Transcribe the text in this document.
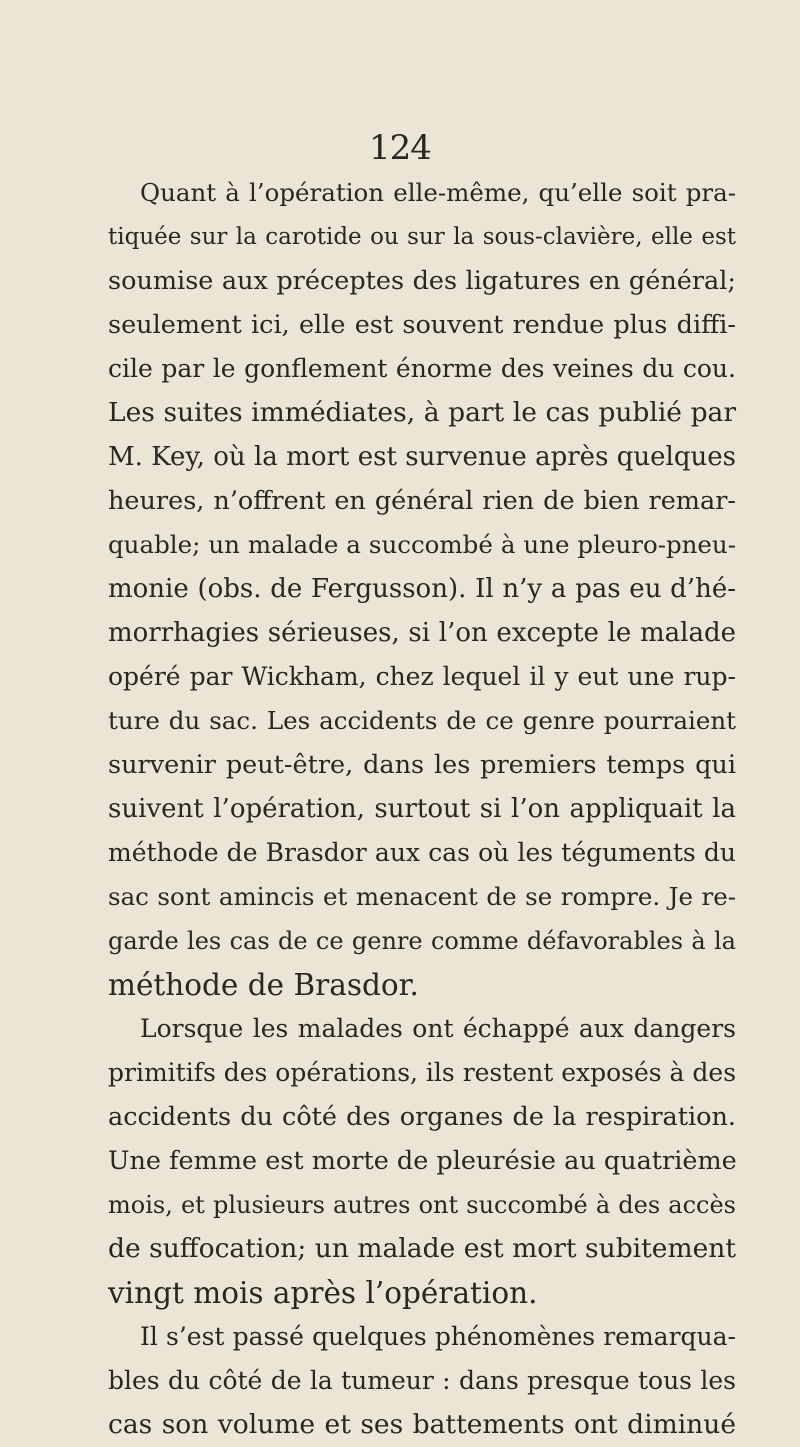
124
Quant à l’opération elle-même, qu’elle soit pra-
tiquée sur la carotide ou sur la sous-clavière, elle est
soumise aux préceptes des ligatures en général;
seulement ici, elle est souvent rendue plus diffi-
cile par le gonflement énorme des veines du cou.
Les suites immédiates, à part le cas publié par
M. Key, où la mort est survenue après quelques
heures, n’offrent en général rien de bien remar-
quable; un malade a succombé à une pleuro-pneu-
monie (obs. de Fergusson). Il n’y a pas eu d’hé-
morrhagies sérieuses, si l’on excepte le malade
opéré par Wickham, chez lequel il y eut une rup-
ture du sac. Les accidents de ce genre pourraient
survenir peut-être, dans les premiers temps qui
suivent l’opération, surtout si l’on appliquait la
méthode de Brasdor aux cas où les téguments du
sac sont amincis et menacent de se rompre. Je re-
garde les cas de ce genre comme défavorables à la
méthode de Brasdor.
Lorsque les malades ont échappé aux dangers
primitifs des opérations, ils restent exposés à des
accidents du côté des organes de la respiration.
Une femme est morte de pleurésie au quatrième
mois, et plusieurs autres ont succombé à des accès
de suffocation; un malade est mort subitement
vingt mois après l’opération.
Il s’est passé quelques phénomènes remarqua-
bles du côté de la tumeur : dans presque tous les
cas son volume et ses battements ont diminué
